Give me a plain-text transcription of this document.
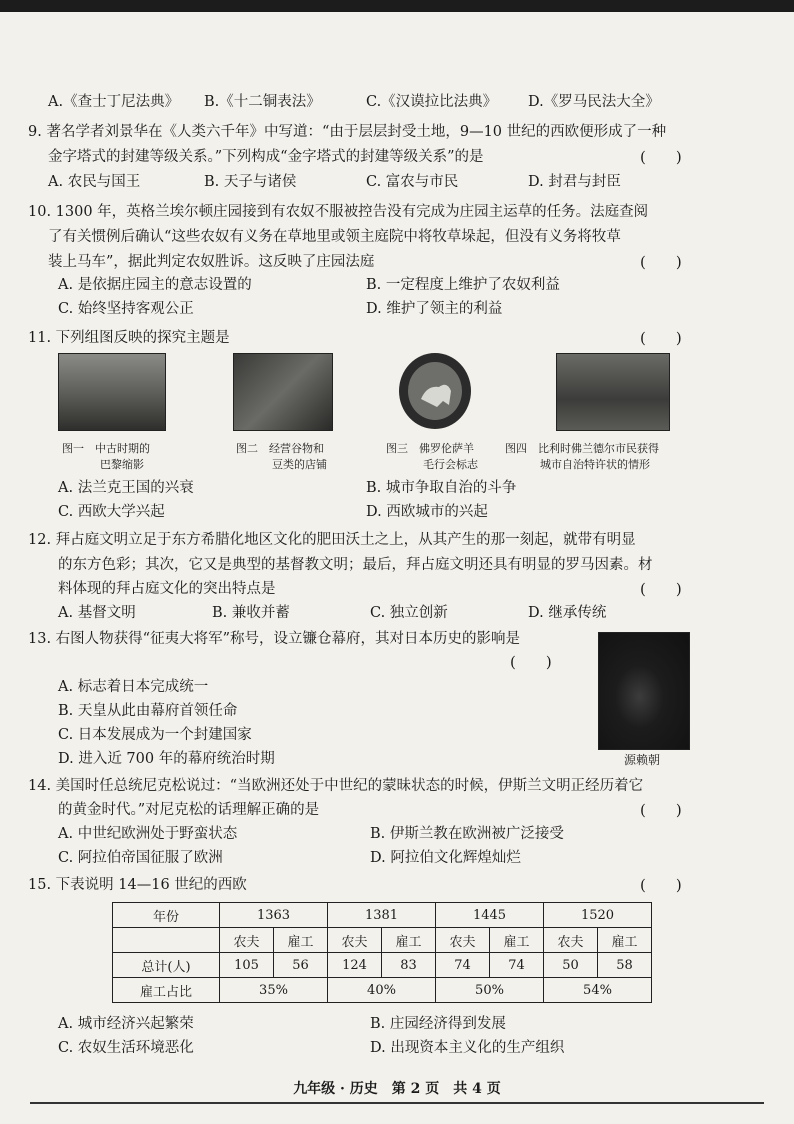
A.《查士丁尼法典》 B.《十二铜表法》	C.《汉谟拉比法典》 D.《罗马民法大全》
9. 著名学者刘景华在《人类六千年》中写道：“由于层层封受土地，9—10 世纪的西欧便形成了一种
金字塔式的封建等级关系。”下列构成“金字塔式的封建等级关系”的是	(　　)
A. 农民与国王	B. 天子与诸侯	C. 富农与市民	D. 封君与封臣
10. 1300 年，英格兰埃尔顿庄园接到有农奴不服被控告没有完成为庄园主运草的任务。法庭查阅
了有关惯例后确认“这些农奴有义务在草地里或领主庭院中将牧草垛起，但没有义务将牧草
装上马车”，据此判定农奴胜诉。这反映了庄园法庭	(　　)
A. 是依据庄园主的意志设置的	B. 一定程度上维护了农奴利益
C. 始终坚持客观公正	D. 维护了领主的利益
11. 下列组图反映的探究主题是	(　　)
图一　中古时期的
巴黎缩影
图二　经营谷物和
豆类的店铺
图三　佛罗伦萨羊
毛行会标志
图四　比利时佛兰德尔市民获得
城市自治特许状的情形
A. 法兰克王国的兴衰	B. 城市争取自治的斗争
C. 西欧大学兴起	D. 西欧城市的兴起
12. 拜占庭文明立足于东方希腊化地区文化的肥田沃土之上，从其产生的那一刻起，就带有明显
的东方色彩；其次，它又是典型的基督教文明；最后，拜占庭文明还具有明显的罗马因素。材
料体现的拜占庭文化的突出特点是	(　　)
A. 基督文明	B. 兼收并蓄	C. 独立创新	D. 继承传统
13. 右图人物获得“征夷大将军”称号，设立镰仓幕府，其对日本历史的影响是
(　　)
源赖朝
A. 标志着日本完成统一
B. 天皇从此由幕府首领任命
C. 日本发展成为一个封建国家
D. 进入近 700 年的幕府统治时期
14. 美国时任总统尼克松说过：“当欧洲还处于中世纪的蒙昧状态的时候，伊斯兰文明正经历着它
的黄金时代。”对尼克松的话理解正确的是	(　　)
A. 中世纪欧洲处于野蛮状态	B. 伊斯兰教在欧洲被广泛接受
C. 阿拉伯帝国征服了欧洲	D. 阿拉伯文化辉煌灿烂
15. 下表说明 14—16 世纪的西欧	(　　)
年份	1363		1381		1445		1520	
	农夫	雇工	农夫	雇工	农夫	雇工	农夫	雇工
总计(人)	105	56	124	83	74	74	50	58
雇工占比	35%		40%		50%		54%	
A. 城市经济兴起繁荣	B. 庄园经济得到发展
C. 农奴生活环境恶化	D. 出现资本主义化的生产组织
九年级 · 历史　第 2 页　共 4 页
